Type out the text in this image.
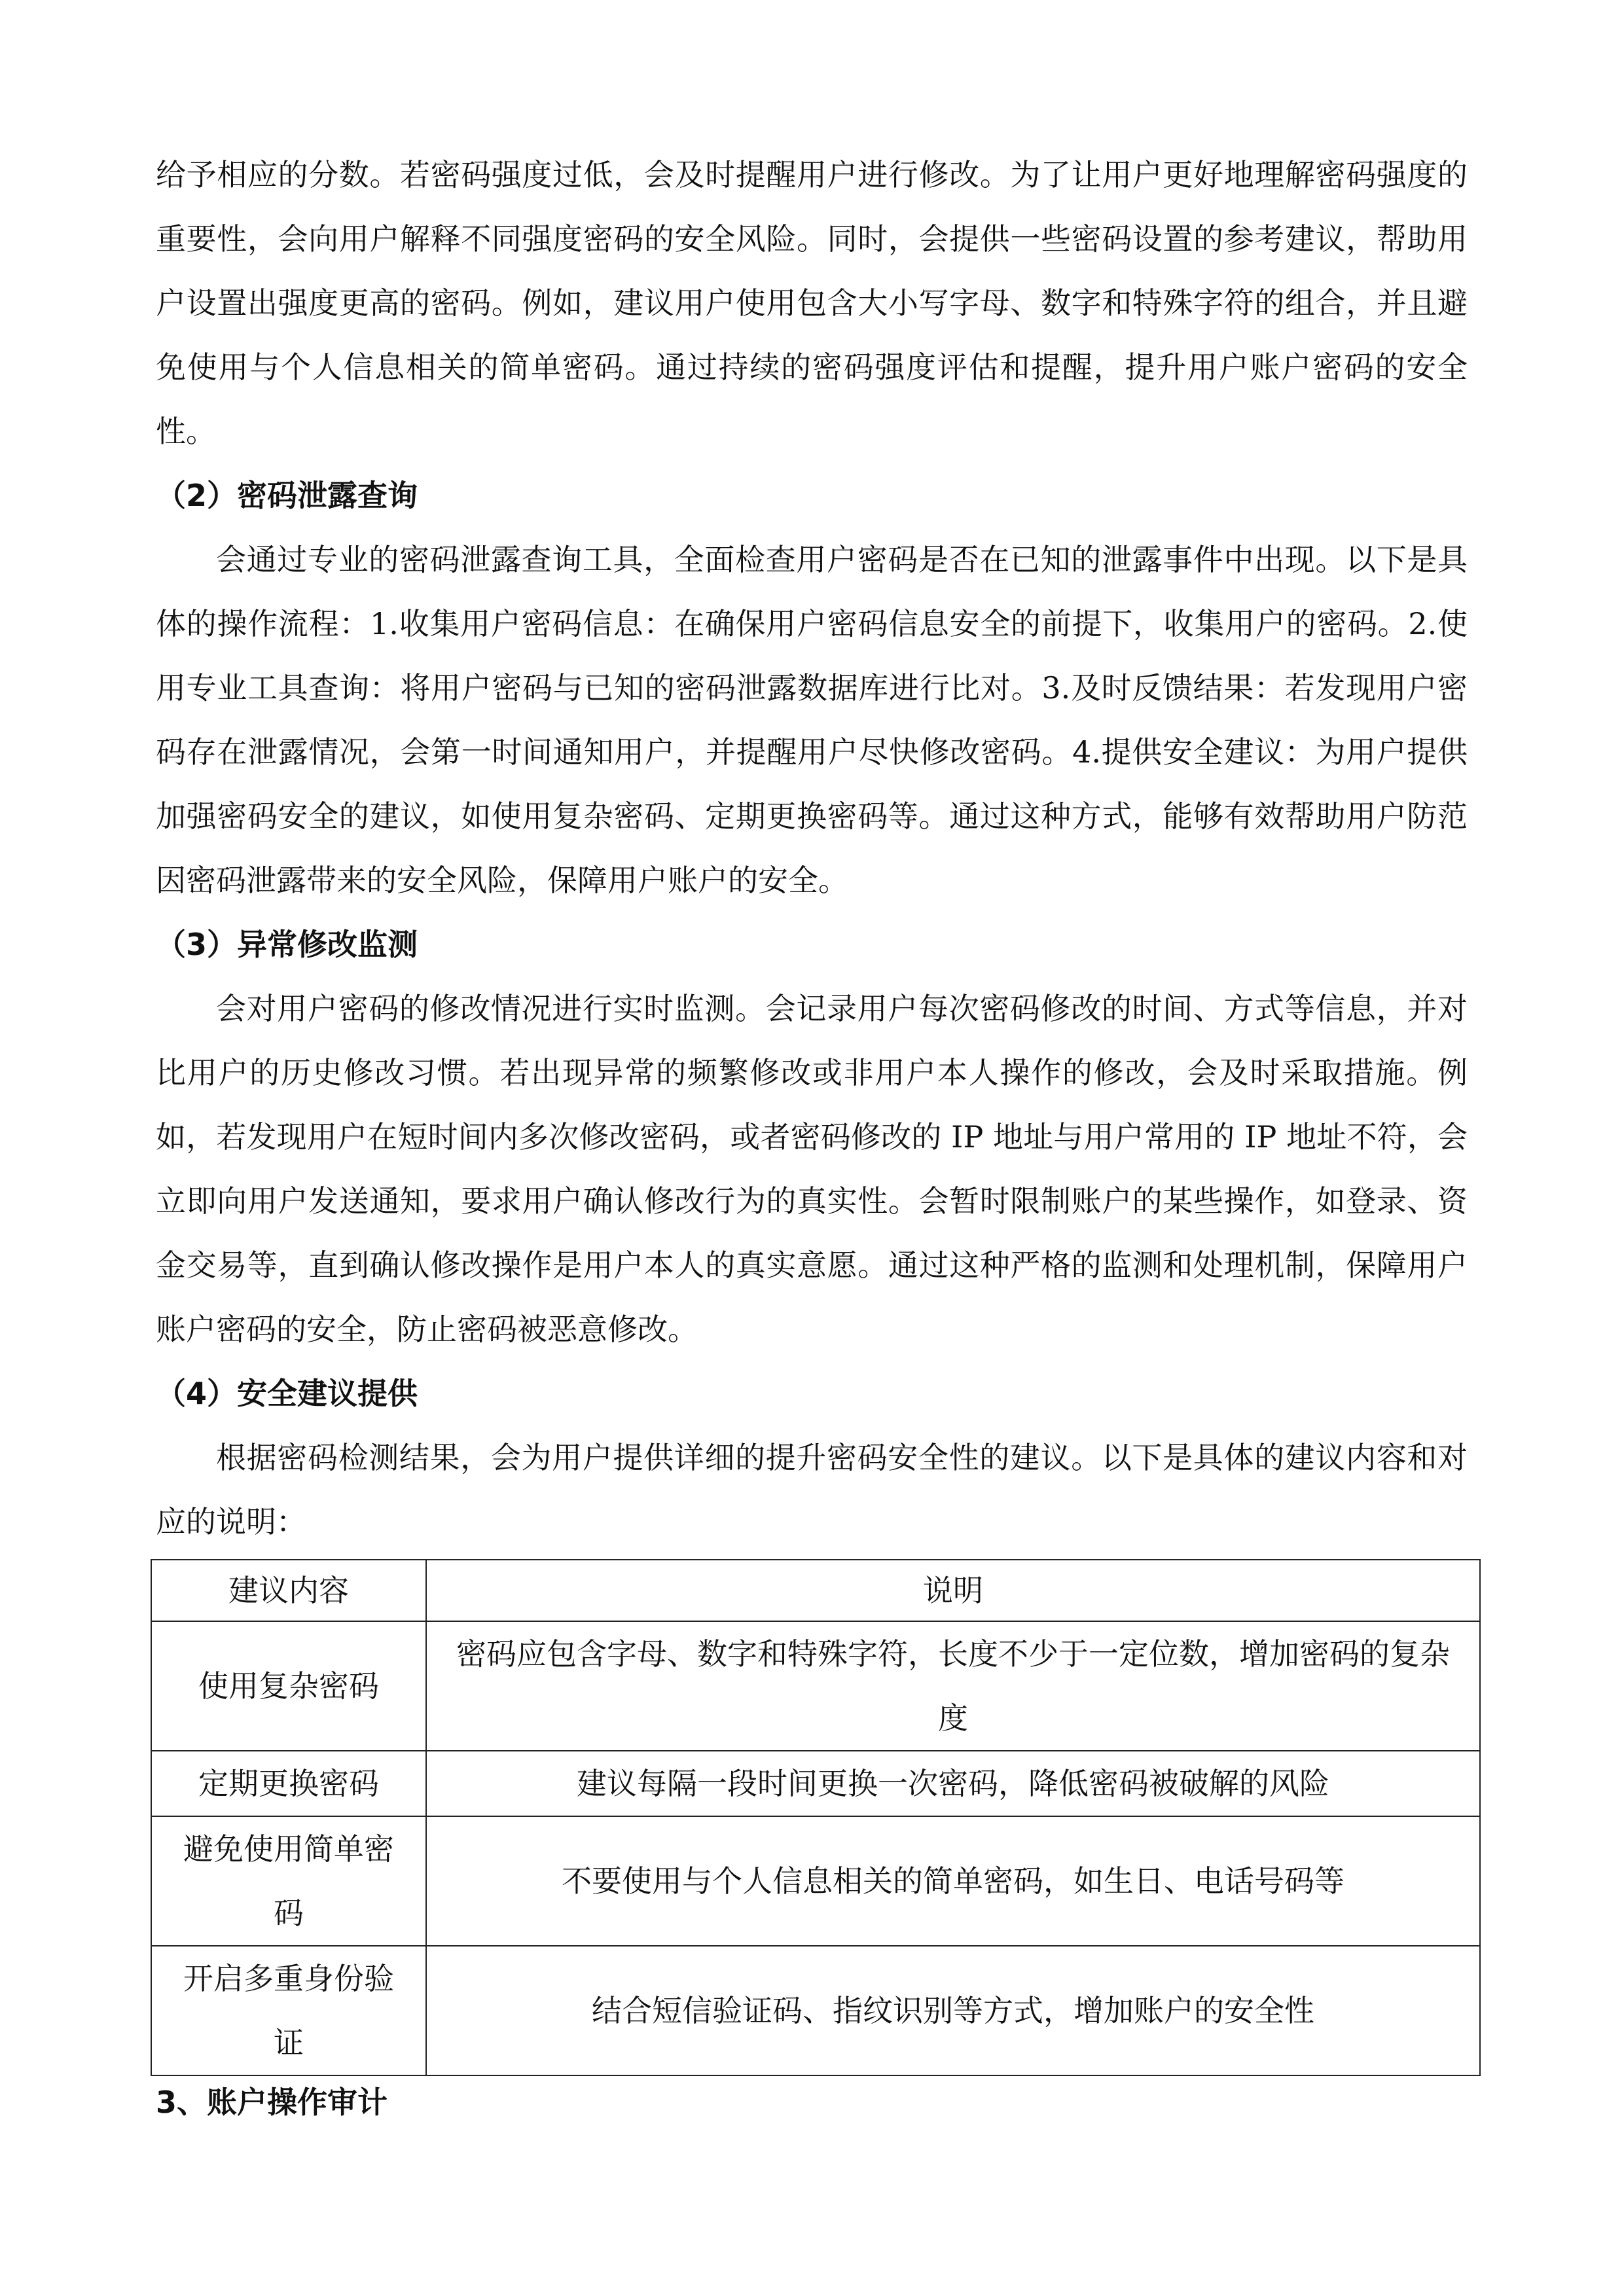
给予相应的分数。若密码强度过低，会及时提醒用户进行修改。为了让用户更好地理解密码强度的重要性，会向用户解释不同强度密码的安全风险。同时，会提供一些密码设置的参考建议，帮助用户设置出强度更高的密码。例如，建议用户使用包含大小写字母、数字和特殊字符的组合，并且避免使用与个人信息相关的简单密码。通过持续的密码强度评估和提醒，提升用户账户密码的安全性。

（2）密码泄露查询

会通过专业的密码泄露查询工具，全面检查用户密码是否在已知的泄露事件中出现。以下是具体的操作流程：1.收集用户密码信息：在确保用户密码信息安全的前提下，收集用户的密码。2.使用专业工具查询：将用户密码与已知的密码泄露数据库进行比对。3.及时反馈结果：若发现用户密码存在泄露情况，会第一时间通知用户，并提醒用户尽快修改密码。4.提供安全建议：为用户提供加强密码安全的建议，如使用复杂密码、定期更换密码等。通过这种方式，能够有效帮助用户防范因密码泄露带来的安全风险，保障用户账户的安全。

（3）异常修改监测

会对用户密码的修改情况进行实时监测。会记录用户每次密码修改的时间、方式等信息，并对比用户的历史修改习惯。若出现异常的频繁修改或非用户本人操作的修改，会及时采取措施。例如，若发现用户在短时间内多次修改密码，或者密码修改的 IP 地址与用户常用的 IP 地址不符，会立即向用户发送通知，要求用户确认修改行为的真实性。会暂时限制账户的某些操作，如登录、资金交易等，直到确认修改操作是用户本人的真实意愿。通过这种严格的监测和处理机制，保障用户账户密码的安全，防止密码被恶意修改。

（4）安全建议提供

根据密码检测结果，会为用户提供详细的提升密码安全性的建议。以下是具体的建议内容和对应的说明：

建议内容	说明
使用复杂密码	密码应包含字母、数字和特殊字符，长度不少于一定位数，增加密码的复杂度
定期更换密码	建议每隔一段时间更换一次密码，降低密码被破解的风险
避免使用简单密码	不要使用与个人信息相关的简单密码，如生日、电话号码等
开启多重身份验证	结合短信验证码、指纹识别等方式，增加账户的安全性

3、账户操作审计
